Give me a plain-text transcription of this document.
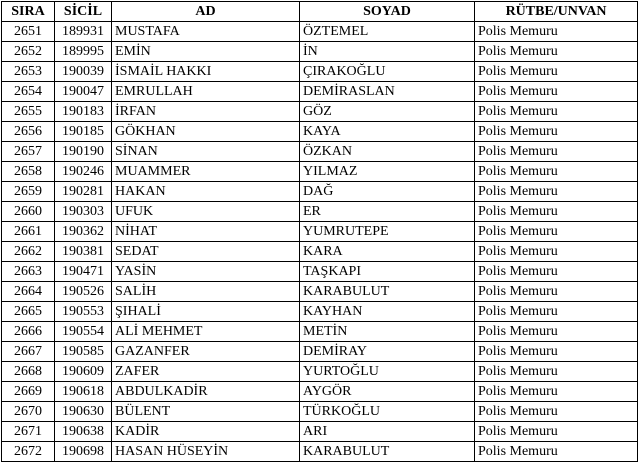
SIRA	SİCİL	AD	SOYAD	RÜTBE/UNVAN
2651	189931	MUSTAFA	ÖZTEMEL	Polis Memuru
2652	189995	EMİN	İN	Polis Memuru
2653	190039	İSMAİL HAKKI	ÇIRAKOĞLU	Polis Memuru
2654	190047	EMRULLAH	DEMİRASLAN	Polis Memuru
2655	190183	İRFAN	GÖZ	Polis Memuru
2656	190185	GÖKHAN	KAYA	Polis Memuru
2657	190190	SİNAN	ÖZKAN	Polis Memuru
2658	190246	MUAMMER	YILMAZ	Polis Memuru
2659	190281	HAKAN	DAĞ	Polis Memuru
2660	190303	UFUK	ER	Polis Memuru
2661	190362	NİHAT	YUMRUTEPE	Polis Memuru
2662	190381	SEDAT	KARA	Polis Memuru
2663	190471	YASİN	TAŞKAPI	Polis Memuru
2664	190526	SALİH	KARABULUT	Polis Memuru
2665	190553	ŞIHALİ	KAYHAN	Polis Memuru
2666	190554	ALİ MEHMET	METİN	Polis Memuru
2667	190585	GAZANFER	DEMİRAY	Polis Memuru
2668	190609	ZAFER	YURTOĞLU	Polis Memuru
2669	190618	ABDULKADİR	AYGÖR	Polis Memuru
2670	190630	BÜLENT	TÜRKOĞLU	Polis Memuru
2671	190638	KADİR	ARI	Polis Memuru
2672	190698	HASAN HÜSEYİN	KARABULUT	Polis Memuru
